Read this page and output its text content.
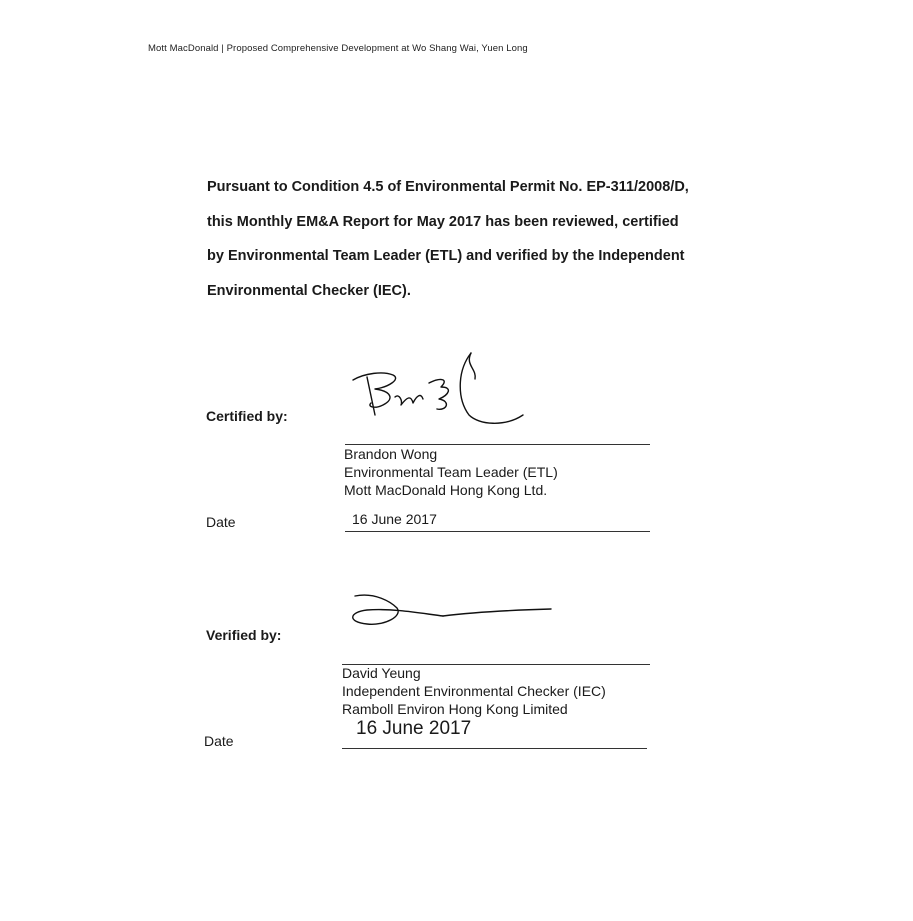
Mott MacDonald | Proposed Comprehensive Development at Wo Shang Wai, Yuen Long
Pursuant to Condition 4.5 of Environmental Permit No. EP-311/2008/D,
this Monthly EM&A Report for May 2017 has been reviewed, certified
by Environmental Team Leader (ETL) and verified by the Independent
Environmental Checker (IEC).
Certified by:
Brandon Wong
Environmental Team Leader (ETL)
Mott MacDonald Hong Kong Ltd.
Date	16 June 2017
Verified by:
David Yeung
Independent Environmental Checker (IEC)
Ramboll Environ Hong Kong Limited
Date
16 June 2017
